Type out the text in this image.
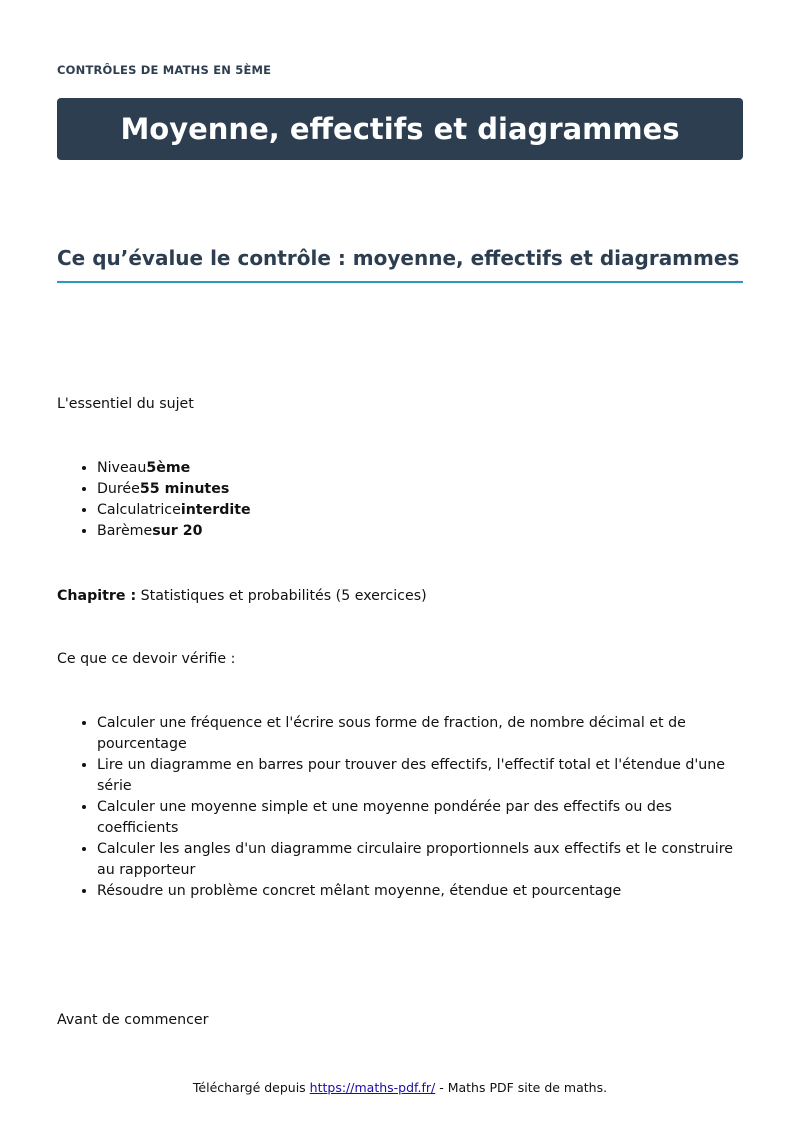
CONTRÔLES DE MATHS EN 5ÈME
Moyenne, effectifs et diagrammes
Ce qu’évalue le contrôle : moyenne, effectifs et diagrammes

L'essentiel du sujet

• Niveau5ème
• Durée55 minutes
• Calculatriceinterdite
• Barèmesur 20

Chapitre : Statistiques et probabilités (5 exercices)

Ce que ce devoir vérifie :

• Calculer une fréquence et l'écrire sous forme de fraction, de nombre décimal et de pourcentage
• Lire un diagramme en barres pour trouver des effectifs, l'effectif total et l'étendue d'une série
• Calculer une moyenne simple et une moyenne pondérée par des effectifs ou des coefficients
• Calculer les angles d'un diagramme circulaire proportionnels aux effectifs et le construire au rapporteur
• Résoudre un problème concret mêlant moyenne, étendue et pourcentage

Avant de commencer

Téléchargé depuis https://maths-pdf.fr/ - Maths PDF site de maths.
